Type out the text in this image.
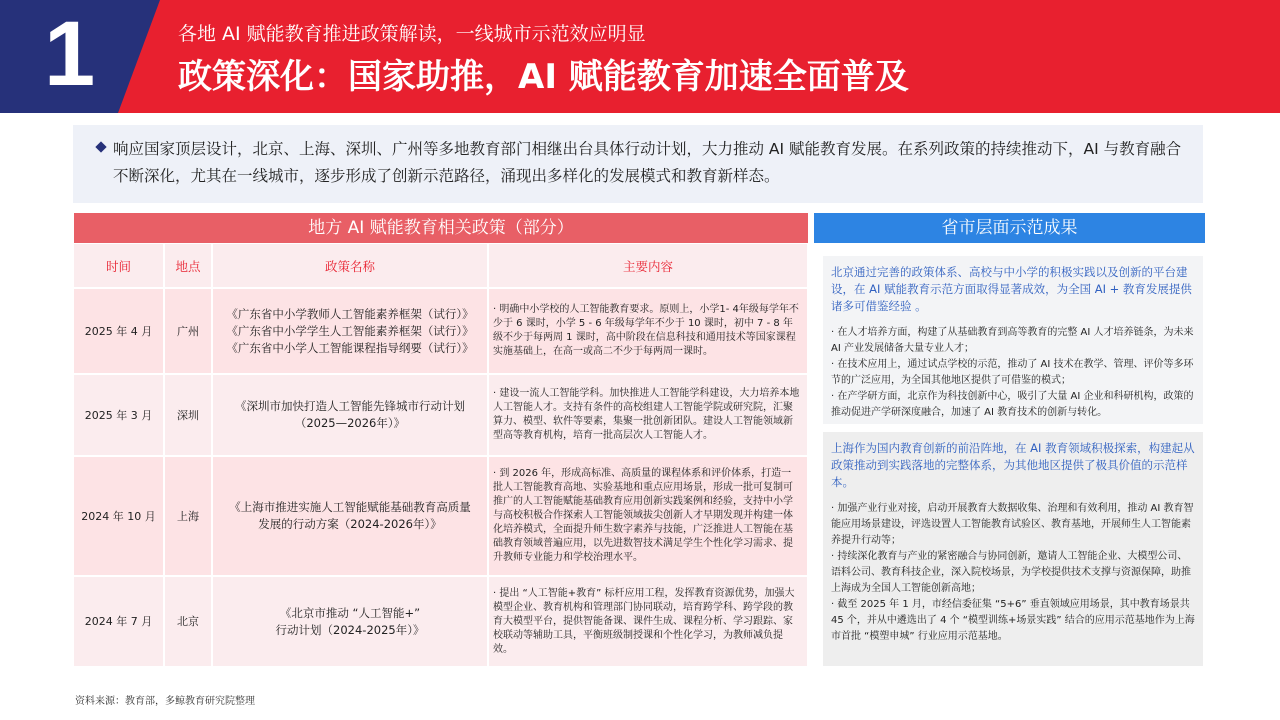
1	各地 AI 赋能教育推进政策解读，一线城市示范效应明显
政策深化：国家助推，AI 赋能教育加速全面普及

响应国家顶层设计，北京、上海、深圳、广州等多地教育部门相继出台具体行动计划，大力推动 AI 赋能教育发展。在系列政策的持续推动下，AI 与教育融合不断深化，尤其在一线城市，逐步形成了创新示范路径，涌现出多样化的发展模式和教育新样态。

地方 AI 赋能教育相关政策（部分）
时间	地点	政策名称	主要内容
2025 年 4 月	广州	《广东省中小学教师人工智能素养框架（试行）》
《广东省中小学学生人工智能素养框架（试行）》
《广东省中小学人工智能课程指导纲要（试行）》	· 明确中小学校的人工智能教育要求。原则上，小学1- 4年级每学年不少于 6 课时，小学 5 - 6 年级每学年不少于 10 课时，初中 7 - 8 年级不少于每两周 1 课时，高中阶段在信息科技和通用技术等国家课程实施基础上，在高一或高二不少于每两周一课时。
2025 年 3 月	深圳	《深圳市加快打造人工智能先锋城市行动计划
（2025—2026年）》	· 建设一流人工智能学科。加快推进人工智能学科建设，大力培养本地人工智能人才。支持有条件的高校组建人工智能学院或研究院，汇聚算力、模型、软件等要素，集聚一批创新团队。建设人工智能领域新型高等教育机构，培育一批高层次人工智能人才。
2024 年 10 月	上海	《上海市推进实施人工智能赋能基础教育高质量发展的行动方案（2024-2026年）》	· 到 2026 年，形成高标准、高质量的课程体系和评价体系，打造一批人工智能教育高地、实验基地和重点应用场景，形成一批可复制可推广的人工智能赋能基础教育应用创新实践案例和经验，支持中小学与高校积极合作探索人工智能领域拔尖创新人才早期发现并构建一体化培养模式，全面提升师生数字素养与技能，广泛推进人工智能在基础教育领域普遍应用，以先进数智技术满足学生个性化学习需求、提升教师专业能力和学校治理水平。
2024 年 7 月	北京	《北京市推动 “人工智能+”
行动计划（2024-2025年）》	· 提出 “人工智能+教育” 标杆应用工程，发挥教育资源优势，加强大模型企业、教育机构和管理部门协同联动，培育跨学科、跨学段的教育大模型平台，提供智能备课、课件生成、课程分析、学习跟踪、家校联动等辅助工具，平衡班级制授课和个性化学习，为教师减负提效。
省市层面示范成果

北京通过完善的政策体系、高校与中小学的积极实践以及创新的平台建设，在 AI 赋能教育示范方面取得显著成效，为全国 AI + 教育发展提供诸多可借鉴经验 。

· 在人才培养方面，构建了从基础教育到高等教育的完整 AI 人才培养链条，为未来 AI 产业发展储备大量专业人才；

· 在技术应用上，通过试点学校的示范，推动了 AI 技术在教学、管理、评价等多环节的广泛应用，为全国其他地区提供了可借鉴的模式；

· 在产学研方面，北京作为科技创新中心，吸引了大量 AI 企业和科研机构，政策的推动促进产学研深度融合，加速了 AI 教育技术的创新与转化。

上海作为国内教育创新的前沿阵地，在 AI 教育领域积极探索，构建起从政策推动到实践落地的完整体系，为其他地区提供了极具价值的示范样本。

· 加强产业行业对接，启动开展教育大数据收集、治理和有效利用，推动 AI 教育智能应用场景建设，评选设置人工智能教育试验区、教育基地，开展师生人工智能素养提升行动等；

· 持续深化教育与产业的紧密融合与协同创新，邀请人工智能企业、大模型公司、语料公司、教育科技企业，深入院校场景，为学校提供技术支撑与资源保障，助推上海成为全国人工智能创新高地；

· 截至 2025 年 1 月，市经信委征集 “5+6” 垂直领域应用场景，其中教育场景共 45 个，并从中遴选出了 4 个 “模型训练+场景实践” 结合的应用示范基地作为上海市首批 “模塑申城” 行业应用示范基地。

资料来源：教育部，多鲸教育研究院整理
